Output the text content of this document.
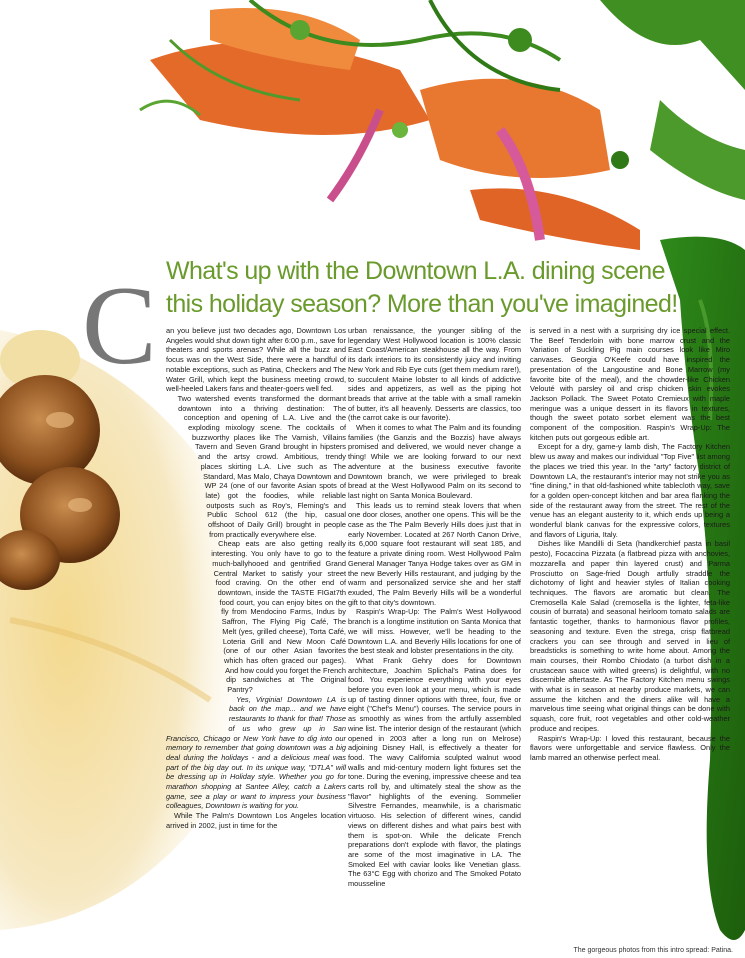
What's up with the Downtown L.A. dining scene
this holiday season? More than you've imagined!
C an you believe just two decades ago, Downtown Los Angeles would shut down tight after 6:00 p.m., save for theaters and sports arenas? While all the buzz and focus was on the West Side, there were a handful of notable exceptions, such as Patina, Checkers and The Water Grill, which kept the business meeting crowd, well-heeled Lakers fans and theater-goers well fed.

Two watershed events transformed the dormant downtown into a thriving destination: The conception and opening of L.A. Live and the exploding mixology scene. The cocktails of buzzworthy places like The Varnish, Villains Tavern and Seven Grand brought in hipsters and the artsy crowd. Ambitious, trendy places skirting L.A. Live such as The Standard, Mas Malo, Chaya Downtown and WP 24 (one of our favorite Asian spots of late) got the foodies, while reliable outposts such as Roy's, Fleming's and Public School 612 (the hip, casual offshoot of Daily Grill) brought in people from practically everywhere else.

Cheap eats are also getting really interesting. You only have to go to the much-ballyhooed and gentrified Grand Central Market to satisfy your street food craving. On the other end of downtown, inside the TASTE FIGat7th food court, you can enjoy bites on the fly from Mendocino Farms, Indus by Saffron, The Flying Pig Café, The Melt (yes, grilled cheese), Torta Café, Loteria Grill and New Moon Café (one of our other Asian favorites which has often graced our pages). And how could you forget the French dip sandwiches at The Original Pantry?

Yes, Virginia! Downtown LA is back on the map... and we have restaurants to thank for that! Those of us who grew up in San Francisco, Chicago or New York have to dig into our memory to remember that going downtown was a big deal during the holidays - and a delicious meal was part of the big day out. In its unique way, "DTLA" will be dressing up in Holiday style. Whether you go for marathon shopping at Santee Alley, catch a Lakers game, see a play or want to impress your business colleagues, Downtown is waiting for you.

While The Palm's Downtown Los Angeles location arrived in 2002, just in time for the

urban renaissance, the younger sibling of the legendary West Hollywood location is 100% classic East Coast/American steakhouse all the way. From its dark interiors to its consistently juicy and inviting New York and Rib Eye cuts (get them medium rare!), to succulent Maine lobster to all kinds of addictive sides and appetizers, as well as the piping hot breads that arrive at the table with a small ramekin of butter, it's all heavenly. Desserts are classics, too (the carrot cake is our favorite).

When it comes to what The Palm and its founding families (the Ganzis and the Bozzis) have always promised and delivered, we would never change a thing! While we are looking forward to our next adventure at the business executive favorite Downtown branch, we were privileged to break bread at the West Hollywood Palm on its second to last night on Santa Monica Boulevard.

This leads us to remind steak lovers that when one door closes, another one opens. This will be the case as the The Palm Beverly Hills does just that in early November. Located at 267 North Canon Drive, its 6,000 square foot restaurant will seat 185, and feature a private dining room. West Hollywood Palm General Manager Tanya Hodge takes over as GM in the new Beverly Hills restaurant, and judging by the warm and personalized service she and her staff exuded, The Palm Beverly Hills will be a wonderful gift to that city's downtown.

Raspin's Wrap-Up: The Palm's West Hollywood branch is a longtime institution on Santa Monica that we will miss. However, we'll be heading to the Downtown L.A. and Beverly Hills locations for one of the best steak and lobster presentations in the city.

What Frank Gehry does for Downtown architecture, Joachim Splichal's Patina does for food. You experience everything with your eyes before you even look at your menu, which is made up of tasting dinner options with three, four, five or eight ("Chef's Menu") courses. The service pours in as smoothly as wines from the artfully assembled wine list. The interior design of the restaurant (which opened in 2003 after a long run on Melrose) adjoining Disney Hall, is effectively a theater for food. The wavy California sculpted walnut wood walls and mid-century modern light fixtures set the tone. During the evening, impressive cheese and tea carts roll by, and ultimately steal the show as the "flavor" highlights of the evening. Sommelier Silvestre Fernandes, meanwhile, is a charismatic virtuoso. His selection of different wines, candid views on different dishes and what pairs best with them is spot-on. While the delicate French preparations don't explode with flavor, the platings are some of the most imaginative in LA. The Smoked Eel with caviar looks like Venetian glass. The 63°C Egg with chorizo and The Smoked Potato mousseline

is served in a nest with a surprising dry ice special effect. The Beef Tenderloin with bone marrow crust and the Variation of Suckling Pig main courses look like Miro canvases. Georgia O'Keefe could have inspired the presentation of the Langoustine and Bone Marrow (my favorite bite of the meal), and the chowder-like Chicken Velouté with parsley oil and crisp chicken skin evokes Jackson Pollack. The Sweet Potato Cremieux with maple meringue was a unique dessert in its flavors in textures, though the sweet potato sorbet element was the best component of the composition. Raspin's Wrap-Up: The kitchen puts out gorgeous edible art.

Except for a dry, game-y lamb dish, The Factory Kitchen blew us away and makes our individual "Top Five" list among the places we tried this year. In the "arty" factory district of Downtown LA, the restaurant's interior may not strike you as "fine dining," in that old-fashioned white tablecloth way, save for a golden open-concept kitchen and bar area flanking the side of the restaurant away from the street. The rest of the venue has an elegant austerity to it, which ends up being a wonderful blank canvas for the expressive colors, textures and flavors of Liguria, Italy.

Dishes like Mandilli di Seta (handkerchief pasta in basil pesto), Focaccina Pizzata (a flatbread pizza with anchovies, mozzarella and paper thin layered crust) and Parma Prosciutto on Sage-fried Dough artfully straddle the dichotomy of light and heavier styles of Italian cooking techniques. The flavors are aromatic but clean. The Cremosella Kale Salad (cremosella is the lighter, feta-like cousin of burrata) and seasonal heirloom tomato salads are fantastic together, thanks to harmonious flavor profiles, seasoning and texture. Even the strega, crisp flatbread crackers you can see through and served in lieu of breadsticks is something to write home about. Among the main courses, their Rombo Chiodato (a turbot dish in a crustacean sauce with wilted greens) is delightful, with no discernible aftertaste. As The Factory Kitchen menu swings with what is in season at nearby produce markets, we can assume the kitchen and the diners alike will have a marvelous time seeing what original things can be done with squash, core fruit, root vegetables and other cold-weather produce and recipes.

Raspin's Wrap-Up: I loved this restaurant, because the flavors were unforgettable and service flawless. Only the lamb marred an otherwise perfect meal.

The gorgeous photos from this intro spread: Patina.
